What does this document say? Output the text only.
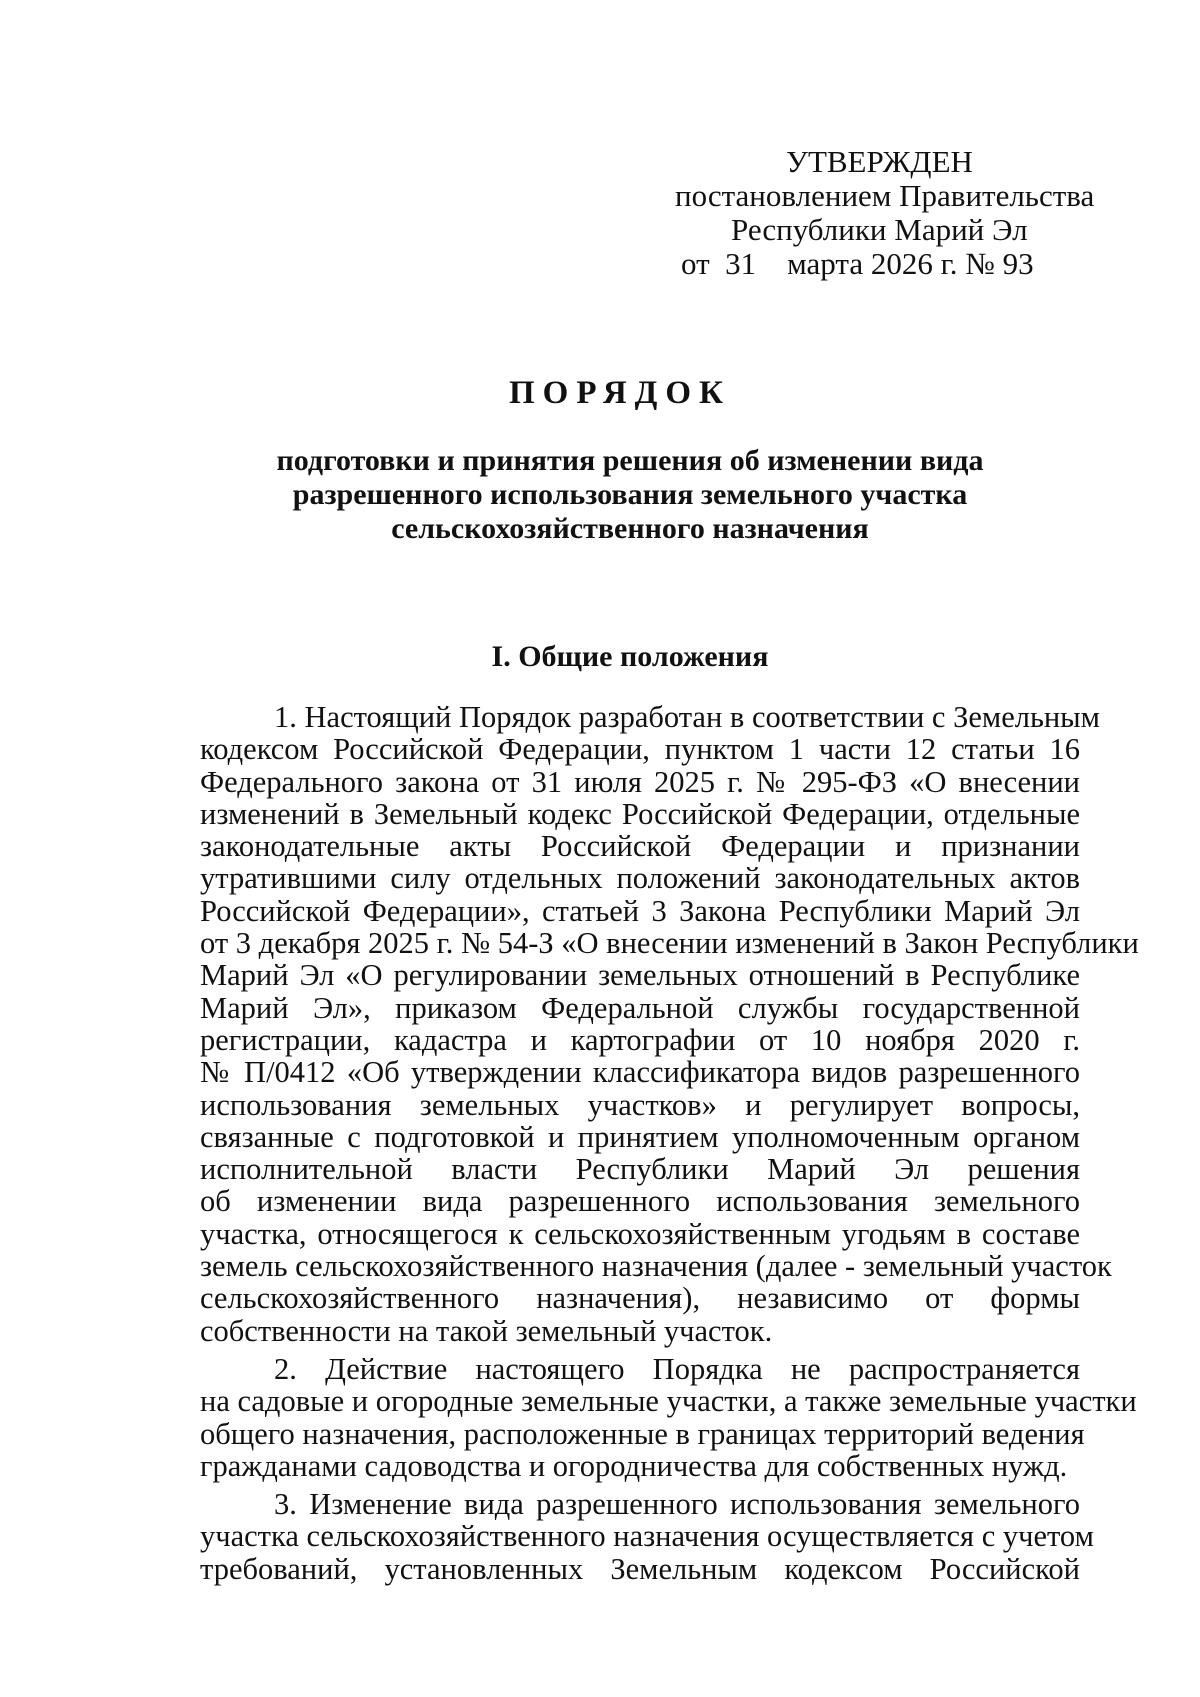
УТВЕРЖДЕН
постановлением Правительства
Республики Марий Эл
от  31    марта 2026 г. № 93
ПОРЯДОК
подготовки и принятия решения об изменении вида
разрешенного использования земельного участка
сельскохозяйственного назначения
I. Общие положения
1. Настоящий Порядок разработан в соответствии с Земельным
кодексом Российской Федерации, пунктом 1 части 12 статьи 16
Федерального закона от 31 июля 2025 г. № 295-ФЗ «О внесении
изменений в Земельный кодекс Российской Федерации, отдельные
законодательные акты Российской Федерации и признании
утратившими силу отдельных положений законодательных актов
Российской Федерации», статьей 3 Закона Республики Марий Эл
от 3 декабря 2025 г. № 54-З «О внесении изменений в Закон Республики
Марий Эл «О регулировании земельных отношений в Республике
Марий Эл», приказом Федеральной службы государственной
регистрации, кадастра и картографии от 10 ноября 2020 г.
№ П/0412 «Об утверждении классификатора видов разрешенного
использования земельных участков» и регулирует вопросы,
связанные с подготовкой и принятием уполномоченным органом
исполнительной власти Республики Марий Эл решения
об изменении вида разрешенного использования земельного
участка, относящегося к сельскохозяйственным угодьям в составе
земель сельскохозяйственного назначения (далее - земельный участок
сельскохозяйственного назначения), независимо от формы
собственности на такой земельный участок.
2. Действие настоящего Порядка не распространяется
на садовые и огородные земельные участки, а также земельные участки
общего назначения, расположенные в границах территорий ведения
гражданами садоводства и огородничества для собственных нужд.
3. Изменение вида разрешенного использования земельного
участка сельскохозяйственного назначения осуществляется с учетом
требований, установленных Земельным кодексом Российской
